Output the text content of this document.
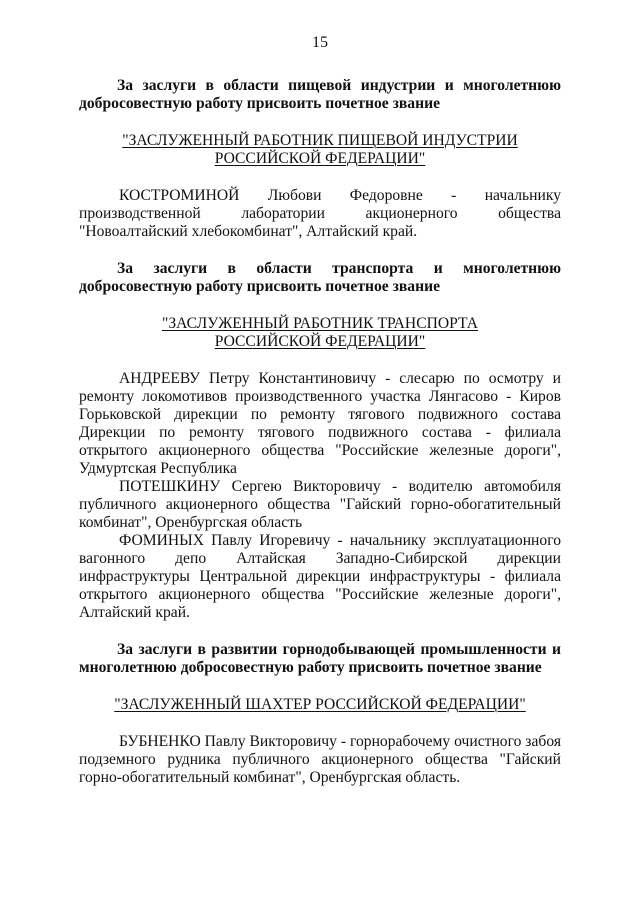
15

За заслуги в области пищевой индустрии и многолетнюю добросовестную работу присвоить почетное звание

"ЗАСЛУЖЕННЫЙ РАБОТНИК ПИЩЕВОЙ ИНДУСТРИИ
РОССИЙСКОЙ ФЕДЕРАЦИИ"

КОСТРОМИНОЙ Любови Федоровне - начальнику производственной лаборатории акционерного общества "Новоалтайский хлебокомбинат", Алтайский край.

За заслуги в области транспорта и многолетнюю добросовестную работу присвоить почетное звание

"ЗАСЛУЖЕННЫЙ РАБОТНИК ТРАНСПОРТА
РОССИЙСКОЙ ФЕДЕРАЦИИ"

АНДРЕЕВУ Петру Константиновичу - слесарю по осмотру и ремонту локомотивов производственного участка Лянгасово - Киров Горьковской дирекции по ремонту тягового подвижного состава Дирекции по ремонту тягового подвижного состава - филиала открытого акционерного общества "Российские железные дороги", Удмуртская Республика

ПОТЕШКИНУ Сергею Викторовичу - водителю автомобиля публичного акционерного общества "Гайский горно-обогатительный комбинат", Оренбургская область

ФОМИНЫХ Павлу Игоревичу - начальнику эксплуатационного вагонного депо Алтайская Западно-Сибирской дирекции инфраструктуры Центральной дирекции инфраструктуры - филиала открытого акционерного общества "Российские железные дороги", Алтайский край.

За заслуги в развитии горнодобывающей промышленности и многолетнюю добросовестную работу присвоить почетное звание

"ЗАСЛУЖЕННЫЙ ШАХТЕР РОССИЙСКОЙ ФЕДЕРАЦИИ"

БУБНЕНКО Павлу Викторовичу - горнорабочему очистного забоя подземного рудника публичного акционерного общества "Гайский горно-обогатительный комбинат", Оренбургская область.
